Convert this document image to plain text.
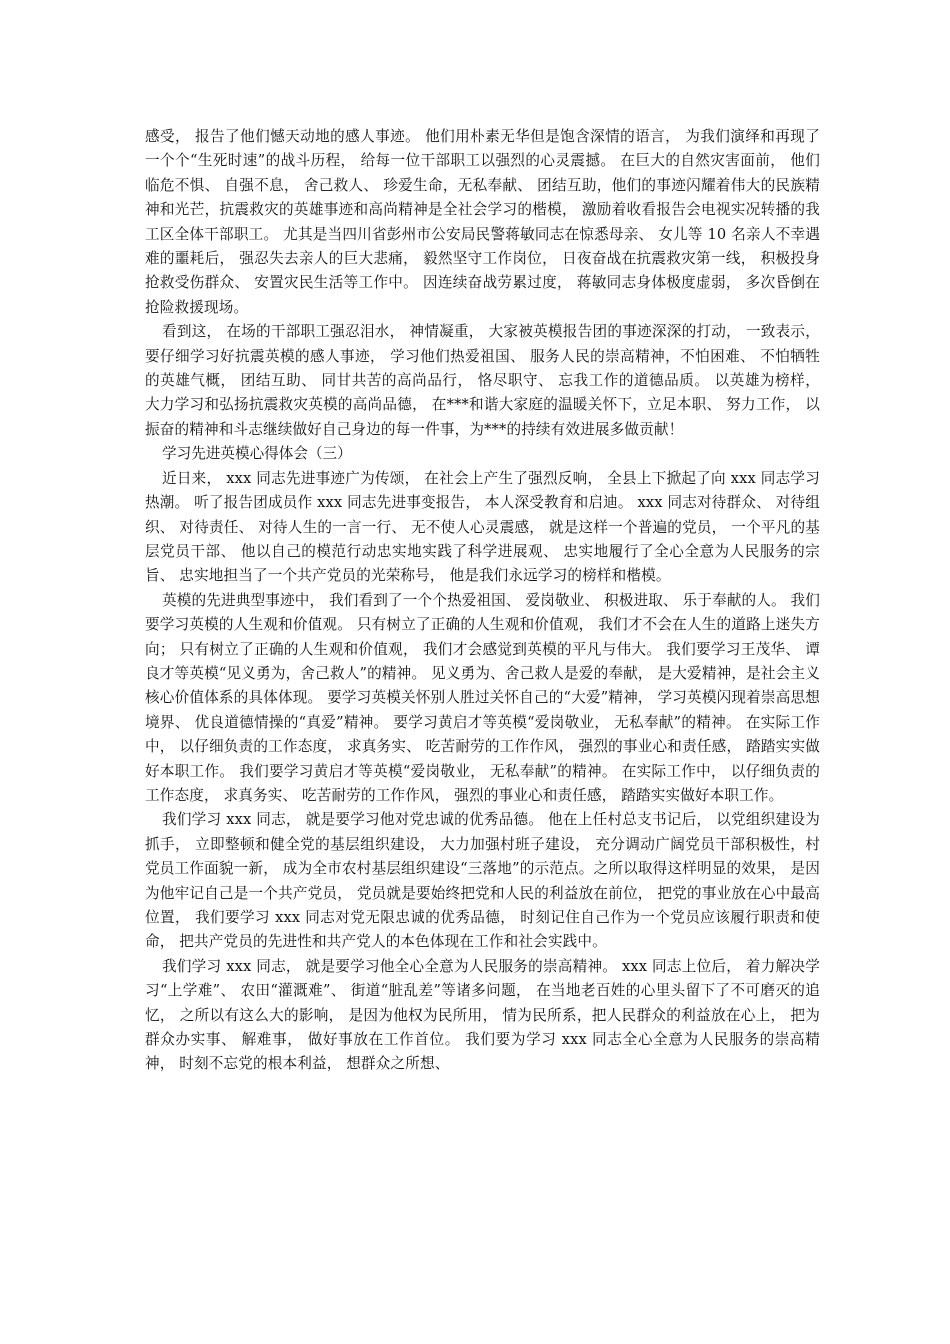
感受， 报告了他们憾天动地的感人事迹。 他们用朴素无华但是饱含深情的语言， 为我们演绎和再现了一个个“生死时速”的战斗历程， 给每一位干部职工以强烈的心灵震撼。 在巨大的自然灾害面前， 他们临危不惧、 自强不息， 舍己救人、 珍爱生命，无私奉献、 团结互助，他们的事迹闪耀着伟大的民族精神和光芒，抗震救灾的英雄事迹和高尚精神是全社会学习的楷模， 激励着收看报告会电视实况转播的我工区全体干部职工。 尤其是当四川省彭州市公安局民警蒋敏同志在惊悉母亲、 女儿等 10 名亲人不幸遇难的噩耗后， 强忍失去亲人的巨大悲痛， 毅然坚守工作岗位， 日夜奋战在抗震救灾第一线， 积极投身抢救受伤群众、 安置灾民生活等工作中。 因连续奋战劳累过度， 蒋敏同志身体极度虚弱， 多次昏倒在抢险救援现场。

看到这， 在场的干部职工强忍泪水， 神情凝重， 大家被英模报告团的事迹深深的打动， 一致表示， 要仔细学习好抗震英模的感人事迹， 学习他们热爱祖国、 服务人民的崇高精神，不怕困难、 不怕牺牲的英雄气概， 团结互助、 同甘共苦的高尚品行， 恪尽职守、 忘我工作的道德品质。 以英雄为榜样， 大力学习和弘扬抗震救灾英模的高尚品德， 在***和谐大家庭的温暖关怀下，立足本职、 努力工作， 以振奋的精神和斗志继续做好自己身边的每一件事，为***的持续有效进展多做贡献！

学习先进英模心得体会（三）

近日来， xxx 同志先进事迹广为传颂， 在社会上产生了强烈反响， 全县上下掀起了向 xxx 同志学习热潮。 听了报告团成员作 xxx 同志先进事变报告， 本人深受教育和启迪。 xxx 同志对待群众、 对待组织、 对待责任、 对待人生的一言一行、 无不使人心灵震感， 就是这样一个普遍的党员， 一个平凡的基层党员干部、 他以自己的模范行动忠实地实践了科学进展观、 忠实地履行了全心全意为人民服务的宗旨、 忠实地担当了一个共产党员的光荣称号， 他是我们永远学习的榜样和楷模。

英模的先进典型事迹中， 我们看到了一个个热爱祖国、 爱岗敬业、 积极进取、 乐于奉献的人。 我们要学习英模的人生观和价值观。 只有树立了正确的人生观和价值观， 我们才不会在人生的道路上迷失方向； 只有树立了正确的人生观和价值观， 我们才会感觉到英模的平凡与伟大。 我们要学习王茂华、 谭良才等英模“见义勇为，舍己救人”的精神。 见义勇为、舍己救人是爱的奉献， 是大爱精神，是社会主义核心价值体系的具体体现。 要学习英模关怀别人胜过关怀自己的“大爱”精神， 学习英模闪现着崇高思想境界、 优良道德情操的“真爱”精神。 要学习黄启才等英模“爱岗敬业， 无私奉献”的精神。 在实际工作中， 以仔细负责的工作态度， 求真务实、 吃苦耐劳的工作作风， 强烈的事业心和责任感， 踏踏实实做好本职工作。 我们要学习黄启才等英模“爱岗敬业， 无私奉献”的精神。 在实际工作中， 以仔细负责的工作态度， 求真务实、 吃苦耐劳的工作作风， 强烈的事业心和责任感， 踏踏实实做好本职工作。

我们学习 xxx 同志， 就是要学习他对党忠诚的优秀品德。 他在上任村总支书记后， 以党组织建设为抓手， 立即整顿和健全党的基层组织建设， 大力加强村班子建设， 充分调动广阔党员干部积极性，村党员工作面貌一新， 成为全市农村基层组织建设“三落地”的示范点。之所以取得这样明显的效果， 是因为他牢记自己是一个共产党员， 党员就是要始终把党和人民的利益放在前位， 把党的事业放在心中最高位置， 我们要学习 xxx 同志对党无限忠诚的优秀品德， 时刻记住自己作为一个党员应该履行职责和使命， 把共产党员的先进性和共产党人的本色体现在工作和社会实践中。

我们学习 xxx 同志， 就是要学习他全心全意为人民服务的崇高精神。 xxx 同志上位后， 着力解决学习“上学难”、 农田“灌溉难”、 街道“脏乱差”等诸多问题， 在当地老百姓的心里头留下了不可磨灭的追忆， 之所以有这么大的影响， 是因为他权为民所用， 情为民所系，把人民群众的利益放在心上， 把为群众办实事、 解难事， 做好事放在工作首位。 我们要为学习 xxx 同志全心全意为人民服务的崇高精神， 时刻不忘党的根本利益， 想群众之所想、
